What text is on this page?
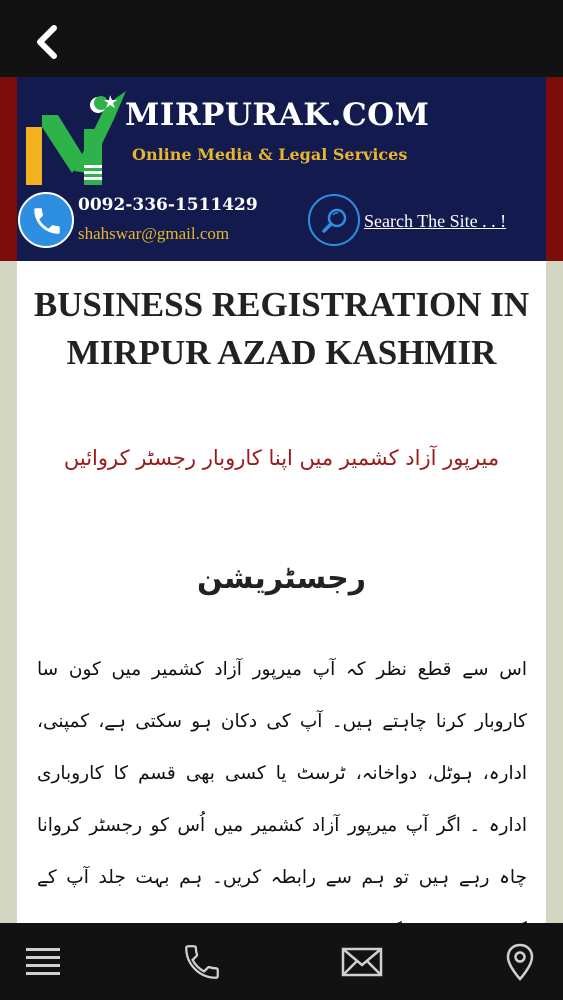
MIRPURAK.COM
Online Media & Legal Services
0092-336-1511429
shahswar@gmail.com
Search The Site . . !
BUSINESS REGISTRATION IN MIRPUR AZAD KASHMIR
میرپور آزاد کشمیر میں اپنا کاروبار رجسٹر کروائیں
رجسٹریشن

اس سے قطع نظر کہ آپ میرپور آزاد کشمیر میں کون سا کاروبار کرنا چاہتے ہیں۔ آپ کی دکان ہو سکتی ہے، کمپنی، ادارہ، ہوٹل، دواخانہ، ٹرسٹ یا کسی بھی قسم کا کاروباری ادارہ ۔ اگر آپ میرپور آزاد کشمیر میں اُس کو رجسٹر کروانا چاہ رہے ہیں تو ہم سے رابطہ کریں۔ ہم بہت جلد آپ کے
